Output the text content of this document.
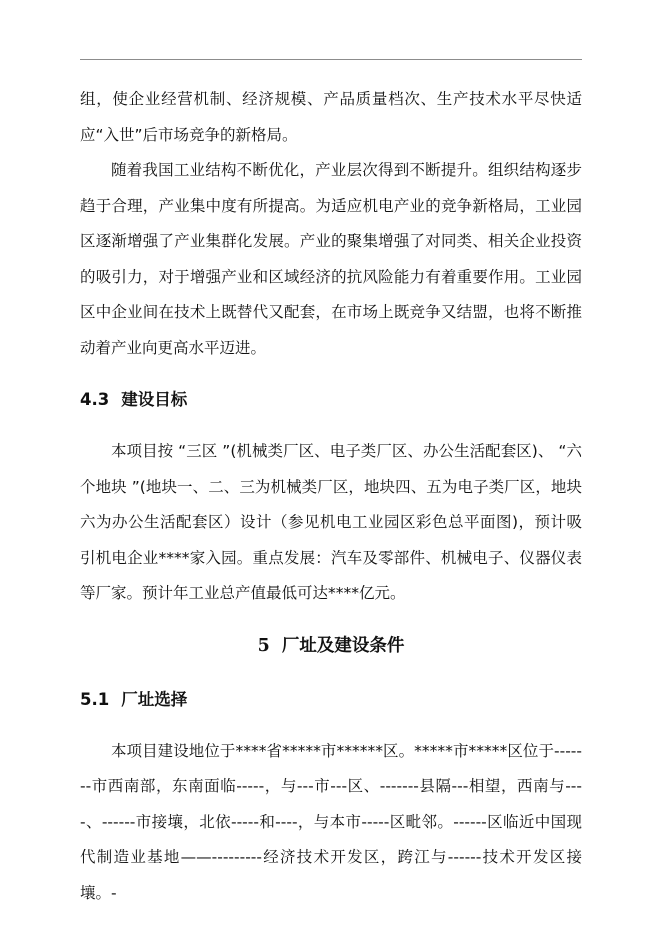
组，使企业经营机制、经济规模、产品质量档次、生产技术水平尽快适应“入世”后市场竞争的新格局。

随着我国工业结构不断优化，产业层次得到不断提升。组织结构逐步趋于合理，产业集中度有所提高。为适应机电产业的竞争新格局，工业园区逐渐增强了产业集群化发展。产业的聚集增强了对同类、相关企业投资的吸引力，对于增强产业和区域经济的抗风险能力有着重要作用。工业园区中企业间在技术上既替代又配套，在市场上既竞争又结盟，也将不断推动着产业向更高水平迈进。

4.3 建设目标

本项目按 “三区 ”(机械类厂区、电子类厂区、办公生活配套区)、 “六个地块 ”(地块一、二、三为机械类厂区，地块四、五为电子类厂区，地块六为办公生活配套区）设计（参见机电工业园区彩色总平面图)，预计吸引机电企业****家入园。重点发展：汽车及零部件、机械电子、仪器仪表等厂家。预计年工业总产值最低可达****亿元。

5 厂址及建设条件
5.1 厂址选择

本项目建设地位于****省*****市******区。*****市*****区位于-------市西南部，东南面临-----，与---市---区、-------县隔---相望，西南与----、------市接壤，北依-----和----，与本市-----区毗邻。------区临近中国现代制造业基地——---------经济技术开发区，跨江与------技术开发区接壤。-
